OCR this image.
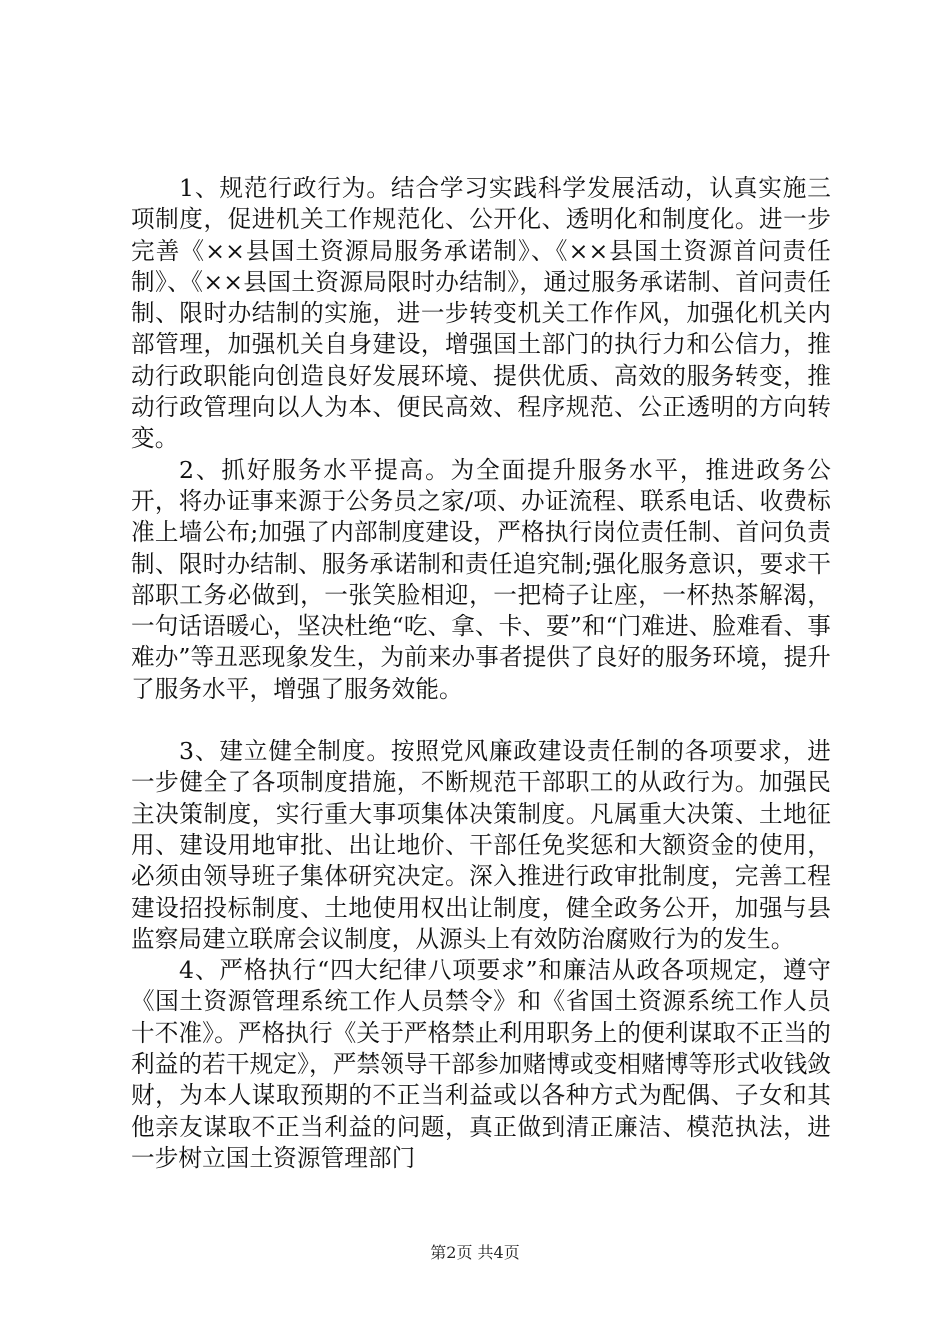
1、规范行政行为。结合学习实践科学发展活动，认真实施三项制度，促进机关工作规范化、公开化、透明化和制度化。进一步完善《××县国土资源局服务承诺制》、《××县国土资源首问责任制》、《××县国土资源局限时办结制》，通过服务承诺制、首问责任制、限时办结制的实施，进一步转变机关工作作风，加强化机关内部管理，加强机关自身建设，增强国土部门的执行力和公信力，推动行政职能向创造良好发展环境、提供优质、高效的服务转变，推动行政管理向以人为本、便民高效、程序规范、公正透明的方向转变。

2、抓好服务水平提高。为全面提升服务水平，推进政务公开，将办证事来源于公务员之家/项、办证流程、联系电话、收费标准上墙公布;加强了内部制度建设，严格执行岗位责任制、首问负责制、限时办结制、服务承诺制和责任追究制;强化服务意识，要求干部职工务必做到，一张笑脸相迎，一把椅子让座，一杯热茶解渴，一句话语暖心，坚决杜绝“吃、拿、卡、要”和“门难进、脸难看、事难办”等丑恶现象发生，为前来办事者提供了良好的服务环境，提升了服务水平，增强了服务效能。

3、建立健全制度。按照党风廉政建设责任制的各项要求，进一步健全了各项制度措施，不断规范干部职工的从政行为。加强民主决策制度，实行重大事项集体决策制度。凡属重大决策、土地征用、建设用地审批、出让地价、干部任免奖惩和大额资金的使用，必须由领导班子集体研究决定。深入推进行政审批制度，完善工程建设招投标制度、土地使用权出让制度，健全政务公开，加强与县监察局建立联席会议制度，从源头上有效防治腐败行为的发生。

4、严格执行“四大纪律八项要求”和廉洁从政各项规定，遵守《国土资源管理系统工作人员禁令》和《省国土资源系统工作人员十不准》。严格执行《关于严格禁止利用职务上的便利谋取不正当的利益的若干规定》，严禁领导干部参加赌博或变相赌博等形式收钱敛财，为本人谋取预期的不正当利益或以各种方式为配偶、子女和其他亲友谋取不正当利益的问题，真正做到清正廉洁、模范执法，进一步树立国土资源管理部门

第2页 共4页
